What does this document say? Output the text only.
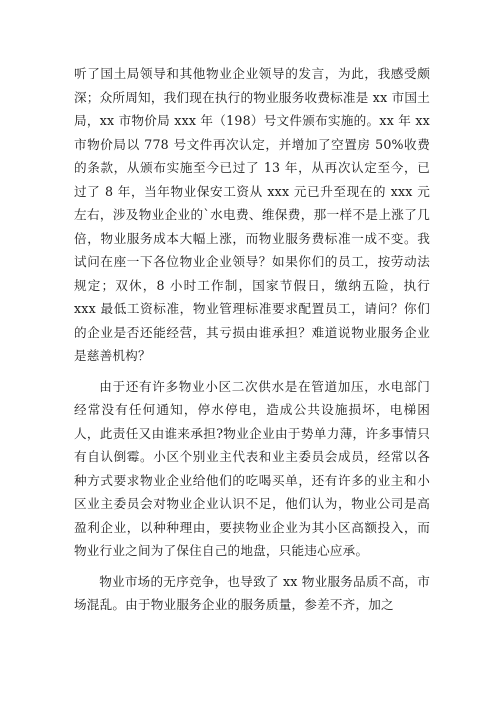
听了国土局领导和其他物业企业领导的发言，为此，我感受颇深；众所周知，我们现在执行的物业服务收费标准是 xx 市国土局，xx 市物价局 xxx 年（198）号文件颁布实施的。xx 年 xx 市物价局以 778 号文件再次认定，并增加了空置房 50%收费的条款，从颁布实施至今已过了 13 年，从再次认定至今，已过了 8 年，当年物业保安工资从 xxx 元已升至现在的 xxx 元左右，涉及物业企业的`水电费、维保费，那一样不是上涨了几倍，物业服务成本大幅上涨，而物业服务费标准一成不变。我试问在座一下各位物业企业领导？如果你们的员工，按劳动法规定；双休，8 小时工作制，国家节假日，缴纳五险，执行 xxx 最低工资标准，物业管理标准要求配置员工，请问？你们的企业是否还能经营，其亏损由谁承担？难道说物业服务企业是慈善机构？

由于还有许多物业小区二次供水是在管道加压，水电部门经常没有任何通知，停水停电，造成公共设施损坏，电梯困人，此责任又由谁来承担?物业企业由于势单力薄，许多事情只有自认倒霉。小区个别业主代表和业主委员会成员，经常以各种方式要求物业企业给他们的吃喝买单，还有许多的业主和小区业主委员会对物业企业认识不足，他们认为，物业公司是高盈利企业，以种种理由，要挟物业企业为其小区高额投入，而物业行业之间为了保住自己的地盘，只能违心应承。

物业市场的无序竞争，也导致了 xx 物业服务品质不高，市场混乱。由于物业服务企业的服务质量，参差不齐，加之
